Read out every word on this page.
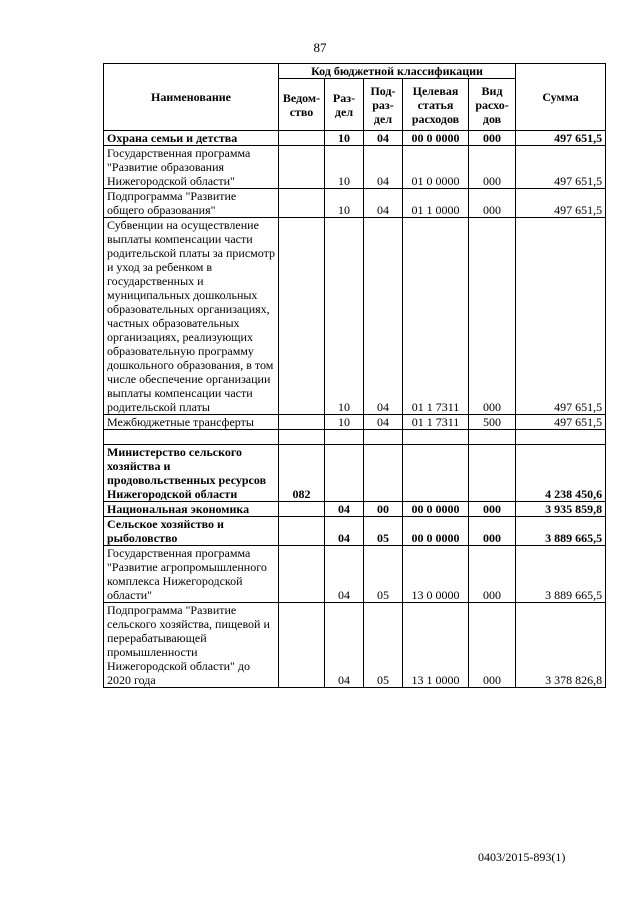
87
Наименование	Код бюджетной классификации					Сумма
	Ведом-ство	Раз-дел	Под-раз-дел	Целевая статья расходов	Вид расхо-дов	
Охрана семьи и детства		10	04	00 0 0000	000	497 651,5
Государственная программа "Развитие образования Нижегородской области"		10	04	01 0 0000	000	497 651,5
Подпрограмма "Развитие общего образования"		10	04	01 1 0000	000	497 651,5
Субвенции на осуществление выплаты компенсации части родительской платы за присмотр и уход за ребенком в государственных и муниципальных дошкольных образовательных организациях, частных образовательных организациях, реализующих образовательную программу дошкольного образования, в том числе обеспечение организации выплаты компенсации части родительской платы		10	04	01 1 7311	000	497 651,5
Межбюджетные трансферты		10	04	01 1 7311	500	497 651,5

Министерство сельского хозяйства и продовольственных ресурсов Нижегородской области	082					4 238 450,6
Национальная экономика		04	00	00 0 0000	000	3 935 859,8
Сельское хозяйство и рыболовство		04	05	00 0 0000	000	3 889 665,5
Государственная программа "Развитие агропромышленного комплекса Нижегородской области"		04	05	13 0 0000	000	3 889 665,5
Подпрограмма "Развитие сельского хозяйства, пищевой и перерабатывающей промышленности Нижегородской области" до 2020 года		04	05	13 1 0000	000	3 378 826,8
0403/2015-893(1)
